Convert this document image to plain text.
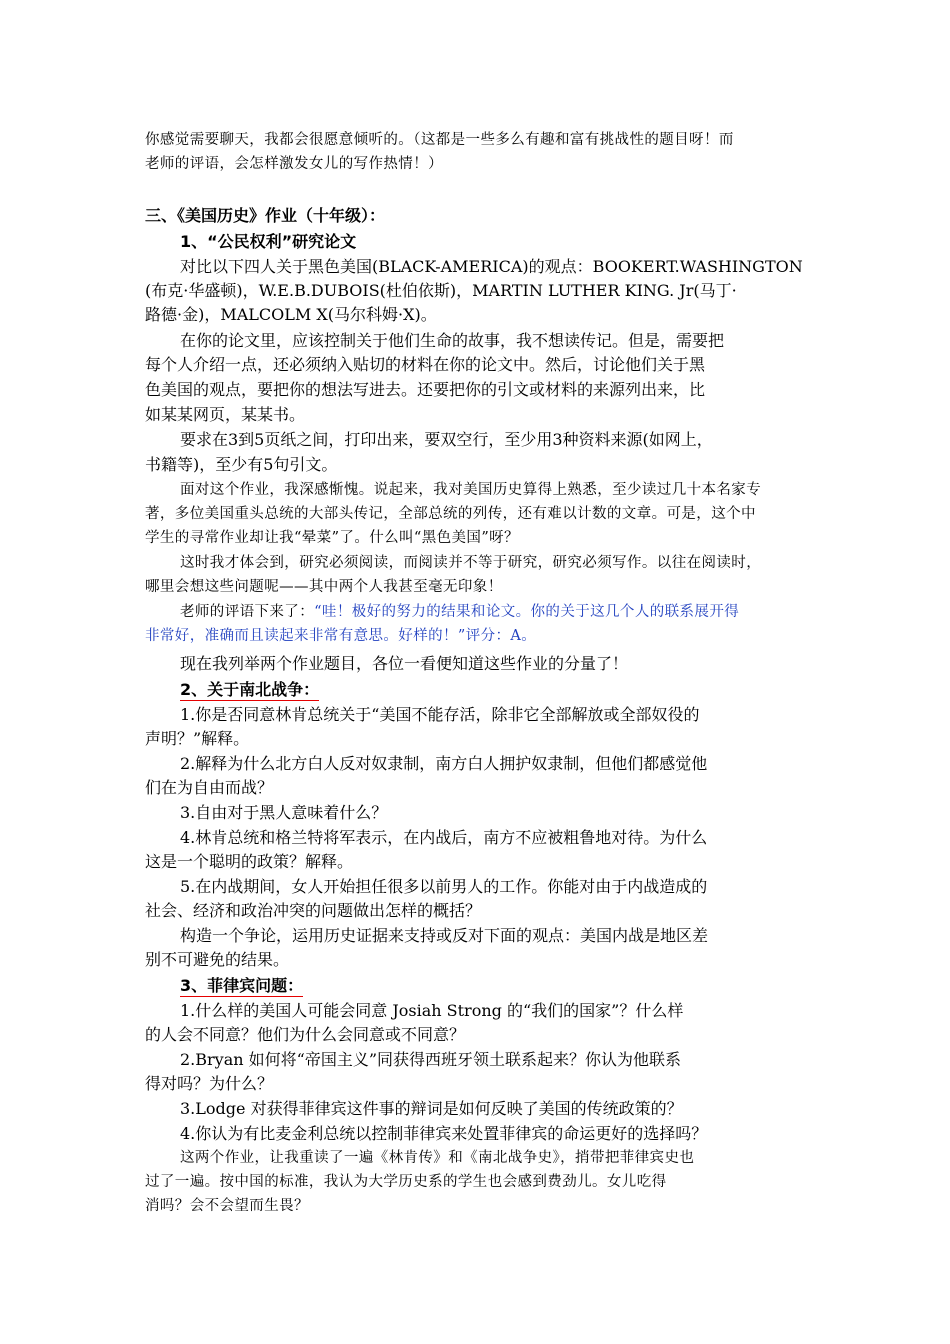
你感觉需要聊天，我都会很愿意倾听的。（这都是一些多么有趣和富有挑战性的题目呀！而
老师的评语，会怎样激发女儿的写作热情！）
三、《美国历史》作业（十年级）：
1、“公民权利”研究论文
对比以下四人关于黑色美国(BLACK-AMERICA)的观点：BOOKERT.WASHINGTON
(布克·华盛顿)，W.E.B.DUBOIS(杜伯依斯)，MARTIN LUTHER KING. Jr(马丁·
路德·金)，MALCOLM X(马尔科姆·X)。
在你的论文里，应该控制关于他们生命的故事，我不想读传记。但是，需要把
每个人介绍一点，还必须纳入贴切的材料在你的论文中。然后，讨论他们关于黑
色美国的观点，要把你的想法写进去。还要把你的引文或材料的来源列出来，比
如某某网页，某某书。
要求在3到5页纸之间，打印出来，要双空行，至少用3种资料来源(如网上，
书籍等)，至少有5句引文。
面对这个作业，我深感惭愧。说起来，我对美国历史算得上熟悉，至少读过几十本名家专
著，多位美国重头总统的大部头传记，全部总统的列传，还有难以计数的文章。可是，这个中
学生的寻常作业却让我“晕菜”了。什么叫“黑色美国”呀？
这时我才体会到，研究必须阅读，而阅读并不等于研究，研究必须写作。以往在阅读时，
哪里会想这些问题呢——其中两个人我甚至毫无印象！
老师的评语下来了：“哇！极好的努力的结果和论文。你的关于这几个人的联系展开得
非常好，准确而且读起来非常有意思。好样的！”评分：A。
现在我列举两个作业题目，各位一看便知道这些作业的分量了！
2、关于南北战争：
1.你是否同意林肯总统关于“美国不能存活，除非它全部解放或全部奴役的
声明？”解释。
2.解释为什么北方白人反对奴隶制，南方白人拥护奴隶制，但他们都感觉他
们在为自由而战？
3.自由对于黑人意味着什么？
4.林肯总统和格兰特将军表示，在内战后，南方不应被粗鲁地对待。为什么
这是一个聪明的政策？解释。
5.在内战期间，女人开始担任很多以前男人的工作。你能对由于内战造成的
社会、经济和政治冲突的问题做出怎样的概括？
构造一个争论，运用历史证据来支持或反对下面的观点：美国内战是地区差
别不可避免的结果。
3、菲律宾问题：
1.什么样的美国人可能会同意 Josiah Strong 的“我们的国家”？什么样
的人会不同意？他们为什么会同意或不同意？
2.Bryan 如何将“帝国主义”同获得西班牙领土联系起来？你认为他联系
得对吗？为什么？
3.Lodge 对获得菲律宾这件事的辩词是如何反映了美国的传统政策的？
4.你认为有比麦金利总统以控制菲律宾来处置菲律宾的命运更好的选择吗？
这两个作业，让我重读了一遍《林肯传》和《南北战争史》，捎带把菲律宾史也
过了一遍。按中国的标准，我认为大学历史系的学生也会感到费劲儿。女儿吃得
消吗？会不会望而生畏？
